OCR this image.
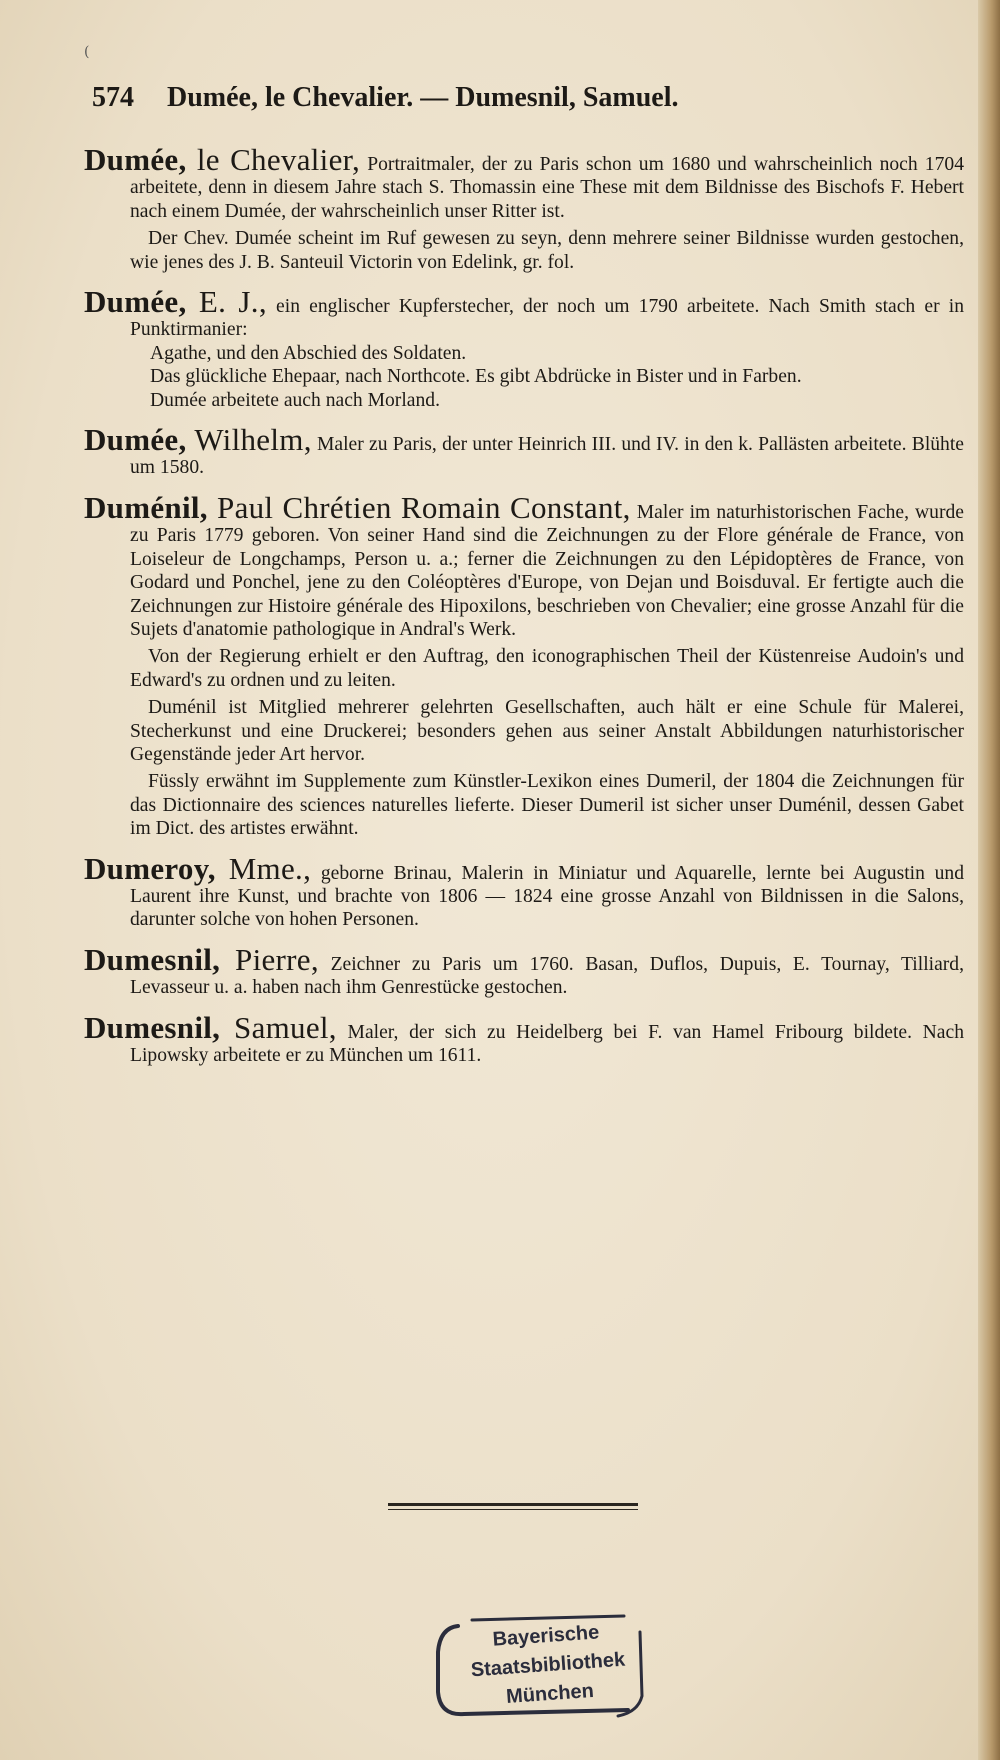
(
574 Dumée, le Chevalier. — Dumesnil, Samuel.

Dumée, le Chevalier, Portraitmaler, der zu Paris schon um 1680 und wahrscheinlich noch 1704 arbeitete, denn in diesem Jahre stach S. Thomassin eine These mit dem Bildnisse des Bischofs F. Hebert nach einem Dumée, der wahrscheinlich unser Ritter ist.

Der Chev. Dumée scheint im Ruf gewesen zu seyn, denn mehrere seiner Bildnisse wurden gestochen, wie jenes des J. B. Santeuil Victorin von Edelink, gr. fol.

Dumée, E. J., ein englischer Kupferstecher, der noch um 1790 arbeitete. Nach Smith stach er in Punktirmanier:

Agathe, und den Abschied des Soldaten.

Das glückliche Ehepaar, nach Northcote. Es gibt Abdrücke in Bister und in Farben.

Dumée arbeitete auch nach Morland.

Dumée, Wilhelm, Maler zu Paris, der unter Heinrich III. und IV. in den k. Pallästen arbeitete. Blühte um 1580.

Duménil, Paul Chrétien Romain Constant, Maler im naturhistorischen Fache, wurde zu Paris 1779 geboren. Von seiner Hand sind die Zeichnungen zu der Flore générale de France, von Loiseleur de Longchamps, Person u. a.; ferner die Zeichnungen zu den Lépidoptères de France, von Godard und Ponchel, jene zu den Coléoptères d'Europe, von Dejan und Boisduval. Er fertigte auch die Zeichnungen zur Histoire générale des Hipoxilons, beschrieben von Chevalier; eine grosse Anzahl für die Sujets d'anatomie pathologique in Andral's Werk.

Von der Regierung erhielt er den Auftrag, den iconographischen Theil der Küstenreise Audoin's und Edward's zu ordnen und zu leiten.

Duménil ist Mitglied mehrerer gelehrten Gesellschaften, auch hält er eine Schule für Malerei, Stecherkunst und eine Druckerei; besonders gehen aus seiner Anstalt Abbildungen naturhistorischer Gegenstände jeder Art hervor.

Füssly erwähnt im Supplemente zum Künstler-Lexikon eines Dumeril, der 1804 die Zeichnungen für das Dictionnaire des sciences naturelles lieferte. Dieser Dumeril ist sicher unser Duménil, dessen Gabet im Dict. des artistes erwähnt.

Dumeroy, Mme., geborne Brinau, Malerin in Miniatur und Aquarelle, lernte bei Augustin und Laurent ihre Kunst, und brachte von 1806 — 1824 eine grosse Anzahl von Bildnissen in die Salons, darunter solche von hohen Personen.

Dumesnil, Pierre, Zeichner zu Paris um 1760. Basan, Duflos, Dupuis, E. Tournay, Tilliard, Levasseur u. a. haben nach ihm Genrestücke gestochen.

Dumesnil, Samuel, Maler, der sich zu Heidelberg bei F. van Hamel Fribourg bildete. Nach Lipowsky arbeitete er zu München um 1611.

Bayerische
Staatsbibliothek
München
